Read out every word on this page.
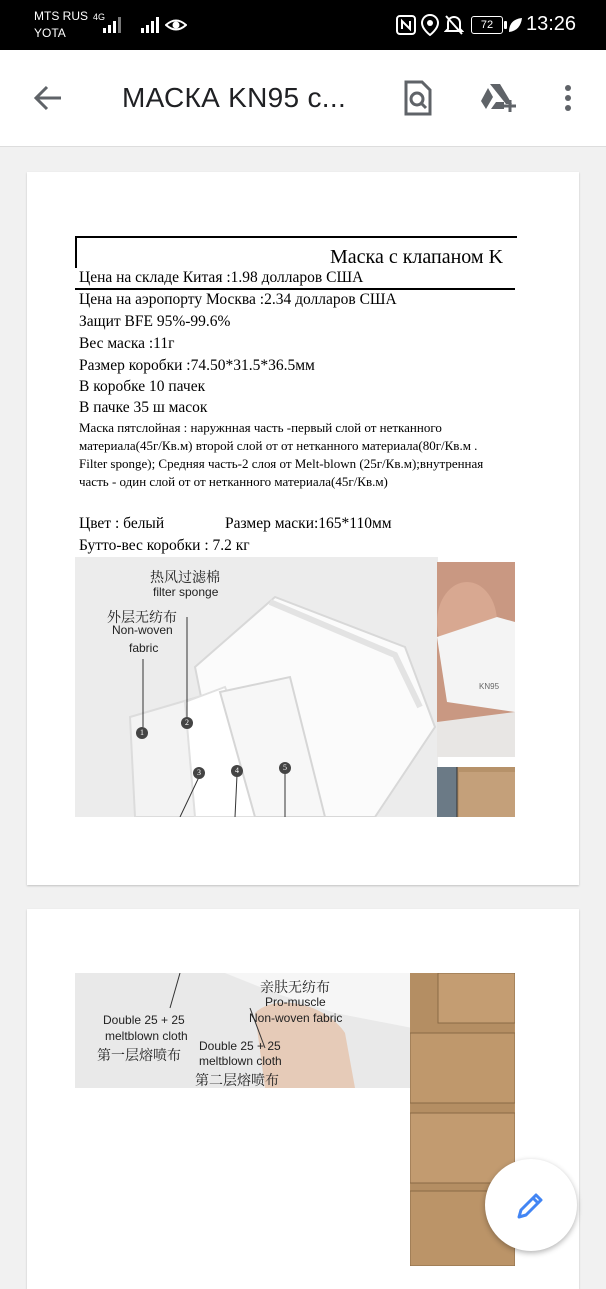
MTS RUS
YOTA
4G
72	13:26
МАСКА KN95 с...
Маска с клапаном K
Цена на складе Китая :1.98 долларов США
Цена на аэропорту Москва :2.34 долларов США
Защит BFE 95%-99.6%
Вес маска :11г
Размер коробки :74.50*31.5*36.5мм
В коробке 10 пачек
В пачке 35 ш масок
Маска пятслойная : наружнная часть -первый слой от нетканного материала(45г/Кв.м) второй слой от от нетканного материала(80г/Кв.м . Filter sponge); Средняя часть-2 слоя от Melt-blown (25г/Кв.м);внутренная часть - один слой от от нетканного материала(45г/Кв.м)
Цвет : белый	Размер маски:165*110мм
Бутто-вес коробки : 7.2 кг
热风过滤棉
filter sponge
外层无纺布
Non-woven
fabric
1
2
3	4	5
KN95
亲肤无纺布
Pro-muscle
Non-woven fabric
Double 25 + 25
meltblown cloth
第一层熔喷布
Double 25 + 25
meltblown cloth
第二层熔喷布
